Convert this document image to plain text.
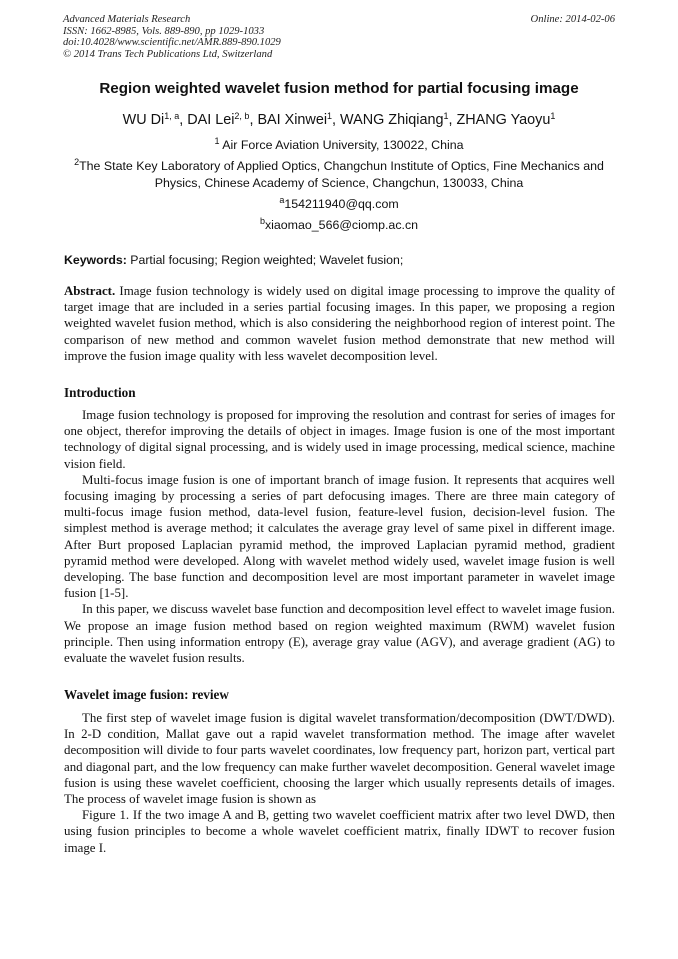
Advanced Materials Research
ISSN: 1662-8985, Vols. 889-890, pp 1029-1033
doi:10.4028/www.scientific.net/AMR.889-890.1029
© 2014 Trans Tech Publications Ltd, Switzerland
Online: 2014-02-06
Region weighted wavelet fusion method for partial focusing image
WU Di$^{1, a}$, DAI Lei$^{2, b}$, BAI Xinwei$^1$, WANG Zhiqiang$^1$, ZHANG Yaoyu$^1$
$^1$ Air Force Aviation University, 130022, China
$^2$The State Key Laboratory of Applied Optics, Changchun Institute of Optics, Fine Mechanics and Physics, Chinese Academy of Science, Changchun, 130033, China
$^a$154211940@qq.com
$^b$xiaomao_566@ciomp.ac.cn
Keywords: Partial focusing; Region weighted; Wavelet fusion;

Abstract. Image fusion technology is widely used on digital image processing to improve the quality of target image that are included in a series partial focusing images. In this paper, we proposing a region weighted wavelet fusion method, which is also considering the neighborhood region of interest point. The comparison of new method and common wavelet fusion method demonstrate that new method will improve the fusion image quality with less wavelet decomposition level.

Introduction

Image fusion technology is proposed for improving the resolution and contrast for series of images for one object, therefor improving the details of object in images. Image fusion is one of the most important technology of digital signal processing, and is widely used in image processing, medical science, machine vision field.

Multi-focus image fusion is one of important branch of image fusion. It represents that acquires well focusing imaging by processing a series of part defocusing images. There are three main category of multi-focus image fusion method, data-level fusion, feature-level fusion, decision-level fusion. The simplest method is average method; it calculates the average gray level of same pixel in different image. After Burt proposed Laplacian pyramid method, the improved Laplacian pyramid method, gradient pyramid method were developed. Along with wavelet method widely used, wavelet image fusion is well developing. The base function and decomposition level are most important parameter in wavelet image fusion [1-5].

In this paper, we discuss wavelet base function and decomposition level effect to wavelet image fusion. We propose an image fusion method based on region weighted maximum (RWM) wavelet fusion principle. Then using information entropy (E), average gray value (AGV), and average gradient (AG) to evaluate the wavelet fusion results.

Wavelet image fusion: review

The first step of wavelet image fusion is digital wavelet transformation/decomposition (DWT/DWD). In 2-D condition, Mallat gave out a rapid wavelet transformation method. The image after wavelet decomposition will divide to four parts wavelet coordinates, low frequency part, horizon part, vertical part and diagonal part, and the low frequency can make further wavelet decomposition. General wavelet image fusion is using these wavelet coefficient, choosing the larger which usually represents details of images. The process of wavelet image fusion is shown as

Figure 1. If the two image A and B, getting two wavelet coefficient matrix after two level DWD, then using fusion principles to become a whole wavelet coefficient matrix, finally IDWT to recover fusion image I.
